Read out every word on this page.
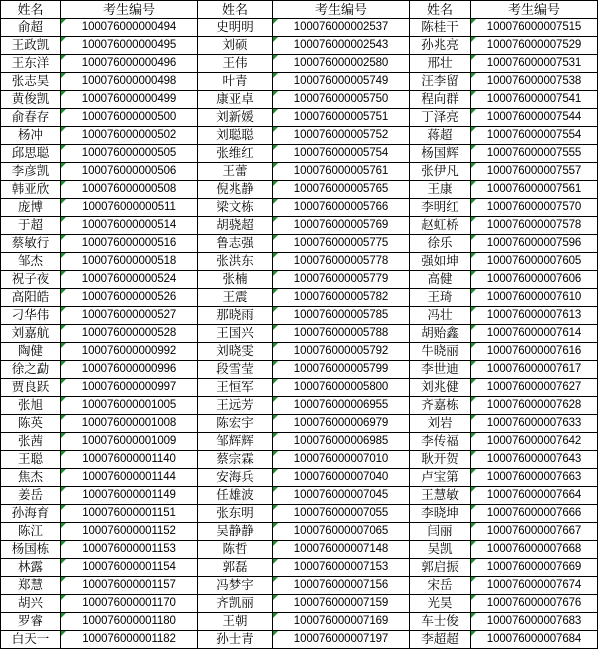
姓名	考生编号	姓名	考生编号	姓名	考生编号
俞超	100076000000494	史明明	100076000002537	陈桂干	100076000007515
王政凯	100076000000495	刘硕	100076000002543	孙兆亮	100076000007529
王东洋	100076000000496	王伟	100076000002580	邢壮	100076000007531
张志昊	100076000000498	叶青	100076000005749	汪李留	100076000007538
黄俊凯	100076000000499	康亚卓	100076000005750	程向群	100076000007541
俞春存	100076000000500	刘新媛	100076000005751	丁泽亮	100076000007544
杨冲	100076000000502	刘聪聪	100076000005752	蒋超	100076000007554
邱思聪	100076000000505	张维红	100076000005754	杨国辉	100076000007555
李彦凯	100076000000506	王蕾	100076000005761	张伊凡	100076000007557
韩亚欣	100076000000508	倪兆静	100076000005765	王康	100076000007561
庞博	100076000000511	梁文栋	100076000005766	李明红	100076000007570
于超	100076000000514	胡骁超	100076000005769	赵虹桥	100076000007578
蔡敏行	100076000000516	鲁志强	100076000005775	徐乐	100076000007596
邹杰	100076000000518	张洪东	100076000005778	强如坤	100076000007605
祝子夜	100076000000524	张楠	100076000005779	高健	100076000007606
高阳皓	100076000000526	王震	100076000005782	王琦	100076000007610
刁华伟	100076000000527	那晓雨	100076000005785	冯壮	100076000007613
刘嘉航	100076000000528	王国兴	100076000005788	胡贻鑫	100076000007614
陶健	100076000000992	刘晓雯	100076000005792	牛晓丽	100076000007616
徐之勐	100076000000996	段雪莹	100076000005799	李世迪	100076000007617
贾良跃	100076000000997	王恒军	100076000005800	刘兆健	100076000007627
张旭	100076000001005	王远芳	100076000006955	齐嘉栋	100076000007628
陈英	100076000001008	陈宏宇	100076000006979	刘岩	100076000007633
张茜	100076000001009	邹辉辉	100076000006985	李传福	100076000007642
王聪	100076000001140	蔡宗霖	100076000007010	耿开贺	100076000007643
焦杰	100076000001144	安海兵	100076000007040	卢宝第	100076000007663
姜岳	100076000001149	任雄波	100076000007045	王慧敏	100076000007664
孙海育	100076000001151	张东明	100076000007055	李晓坤	100076000007666
陈江	100076000001152	吴静静	100076000007065	闫丽	100076000007667
杨国栋	100076000001153	陈哲	100076000007148	吴凯	100076000007668
林露	100076000001154	郭磊	100076000007153	郭启振	100076000007669
郑慧	100076000001157	冯梦宇	100076000007156	宋岳	100076000007674
胡兴	100076000001170	齐凯丽	100076000007159	光昊	100076000007676
罗睿	100076000001180	王朝	100076000007169	车士俊	100076000007683
白天一	100076000001182	孙士青	100076000007197	李超超	100076000007684
